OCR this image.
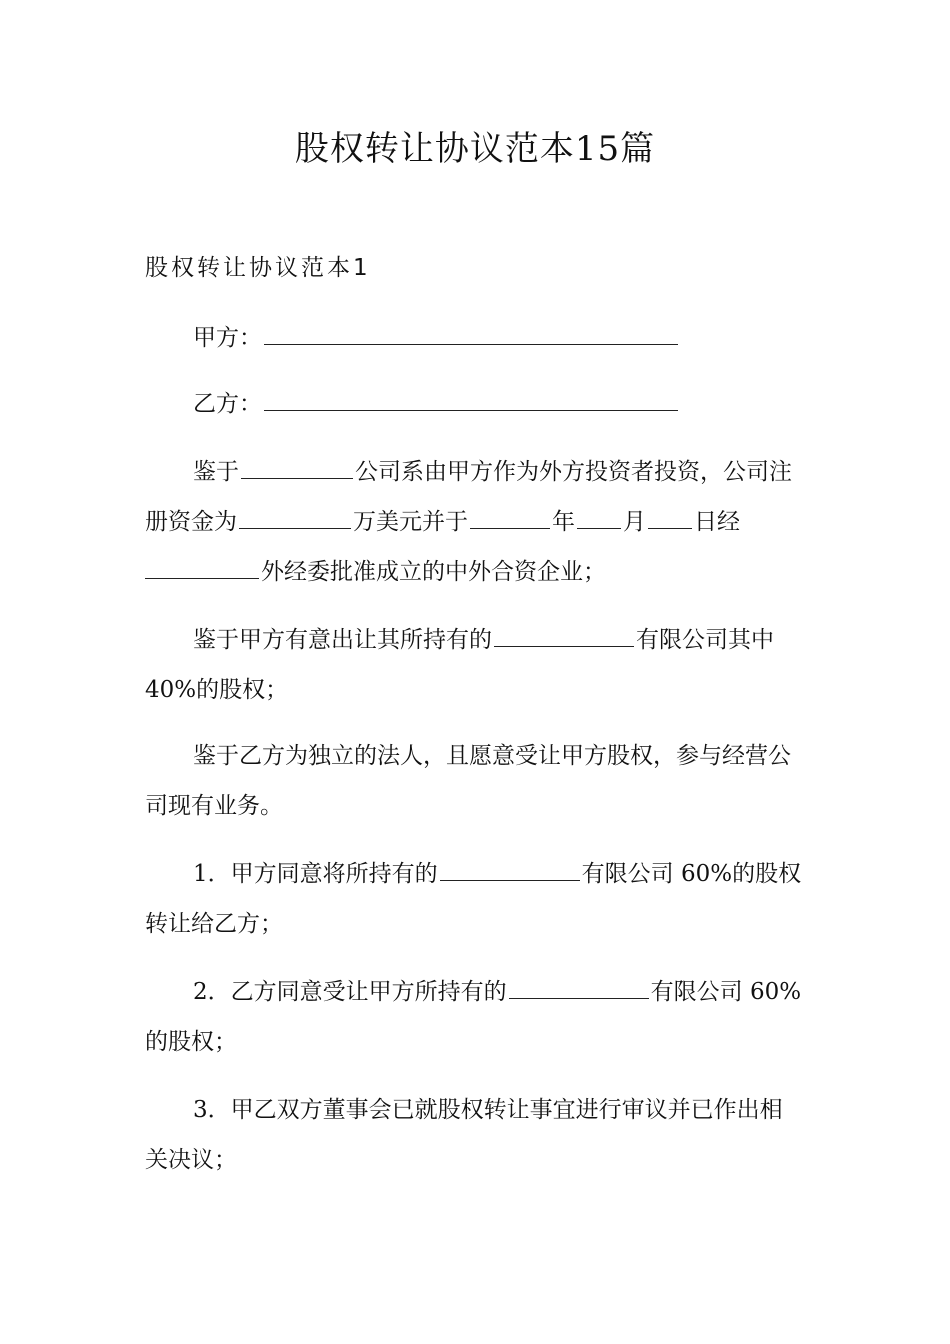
股权转让协议范本15篇
股权转让协议范本1
甲方：
乙方：
鉴于	公司系由甲方作为外方投资者投资，公司注
册资金为	万美元并于	年 月 日经
外经委批准成立的中外合资企业；
鉴于甲方有意出让其所持有的	有限公司其中
40%的股权；
鉴于乙方为独立的法人，且愿意受让甲方股权，参与经营公
司现有业务。
1．甲方同意将所持有的	有限公司 60%的股权
转让给乙方；
2．乙方同意受让甲方所持有的	有限公司 60%
的股权；
3．甲乙双方董事会已就股权转让事宜进行审议并已作出相
关决议；
